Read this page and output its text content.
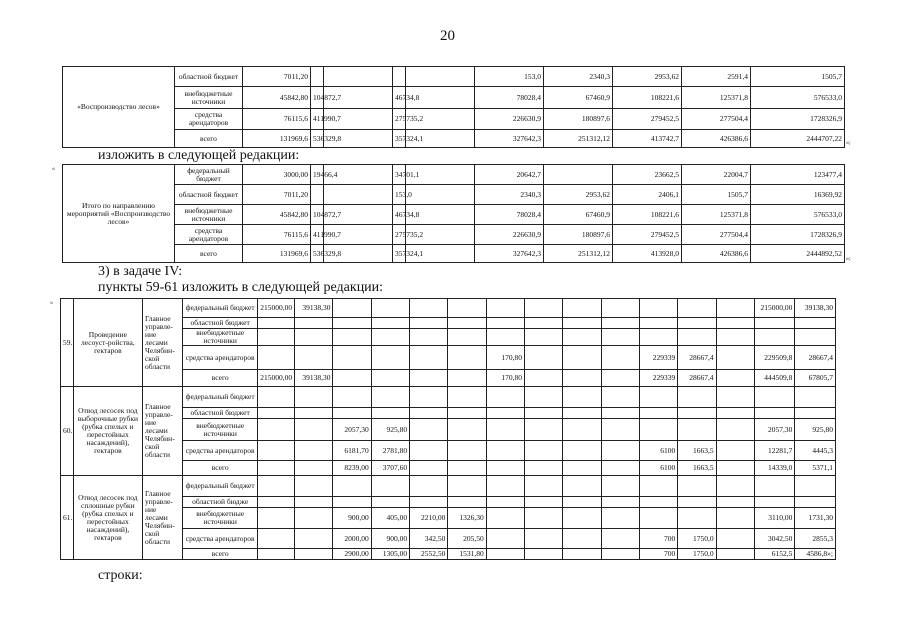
20
«Воспроизводство лесов»	областной бюджет	7011,20					153,0	2340,3	2953,62	2591,4	1505,7
	внебюджетные источники	45842,80	104872,7		46734,8		78028,4	67460,9	108221,6	125371,8	576533,0
	средства арендаторов	76115,6	411990,7		275735,2		226630,9	180897,6	279452,5	277504,4	1728326,9
	всего	131969,6	536329,8		357324,1		327642,3	251312,12	413742,7	426386,6	2444707,22
»;
изложить в следующей редакции:
«
Итого по направлению мероприятий «Воспроизводство лесов»	федеральный бюджет	3000,00	19466,4		34701,1		20642,7		23662,5	22004,7	123477,4
	областной бюджет	7011,20			153,0		2340,3	2953,62	2406,1	1505,7	16369,92
	внебюджетные источники	45842,80	104872,7		46734,8		78028,4	67460,9	108221,6	125371,8	576533,0
	средства арендаторов	76115,6	411990,7		275735,2		226630,9	180897,6	279452,5	277504,4	1728326,9
	всего	131969,6	536329,8		357324,1		327642,3	251312,12	413928,0	426386,6	2444892,52
»;
3) в задаче IV:
пункты 59-61 изложить в следующей редакции:
«
59.	Проведение лесоуст-ройства, гектаров	Главное управле-ние лесами Челябин-ской области	федеральный бюджет	215000,00	39138,30												215000,00	39138,30
			областной бюджет															
			внебюджетные источники															
			средства арендаторов							170,80				229339	28667,4		229509,8	28667,4
			всего	215000,00	39138,30					170,80				229339	28667,4		444509,8	67805,7
60.	Отвод лесосек под выборочные рубки (рубка спелых и перестойных насаждений), гектаров	Главное управле-ние лесами Челябин-ской области	федеральный бюджет															
			областной бюджет															
			внебюджетные источники			2057,30	925,80										2057,30	925,80
			средства арендаторов			6181,70	2781,80							6100	1663,5		12281,7	4445,3
			всего			8239,00	3707,60							6100	1663,5		14339,0	5371,1
61.	Отвод лесосек под сплошные рубки (рубка спелых и перестойных насаждений), гектаров	Главное управле-ние лесами Челябин-ской области	федеральный бюджет															
			областной бюдже															
			внебюджетные источники			900,00	405,00	2210,00	1326,30								3110,00	1731,30
			средства арендаторов			2000,00	900,00	342,50	205,50					700	1750,0		3042,50	2855,3
			всего			2900,00	1305,00	2552,50	1531,80					700	1750,0		6152,5	4586,8»;
строки:
